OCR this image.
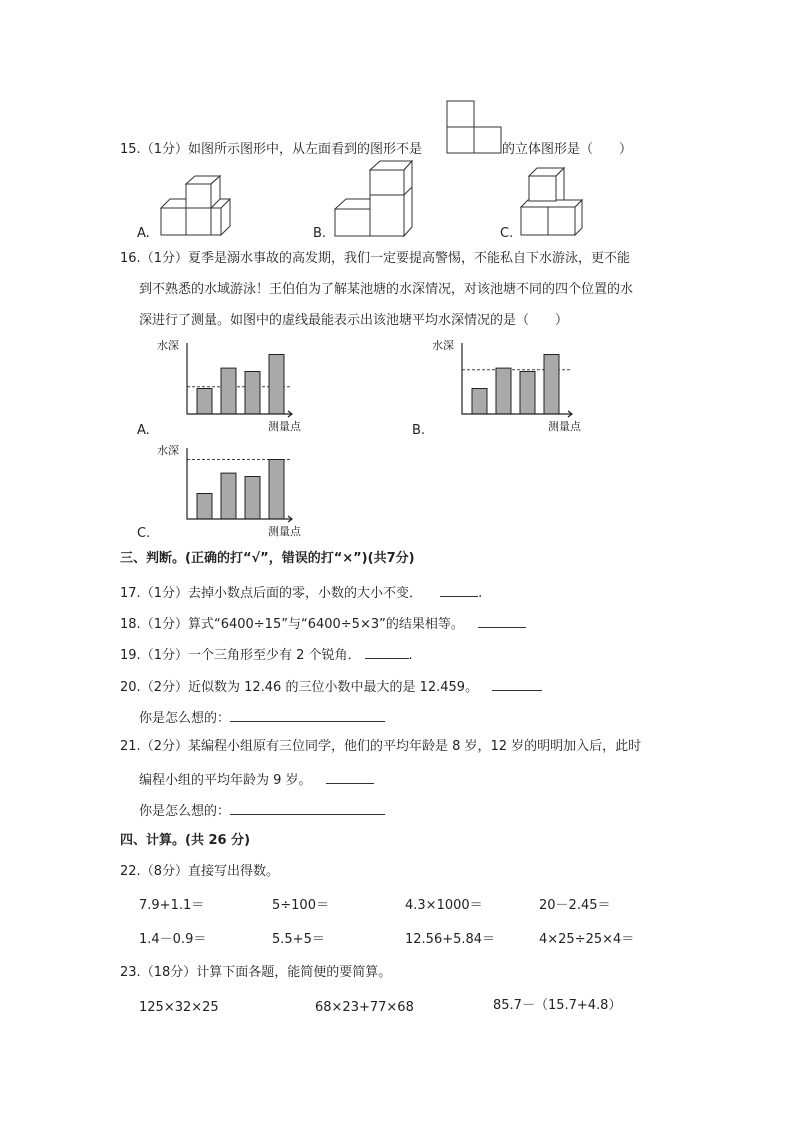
15.（1分）如图所示图形中，从左面看到的图形不是	的立体图形是（　　）
A.	B.	C.
16.（1分）夏季是溺水事故的高发期，我们一定要提高警惕，不能私自下水游泳，更不能
到不熟悉的水域游泳！王伯伯为了解某池塘的水深情况，对该池塘不同的四个位置的水
深进行了测量。如图中的虚线最能表示出该池塘平均水深情况的是（　　）
水深
测量点
A.
水深
测量点
B.
水深
测量点
C.
三、判断。(正确的打“√”，错误的打“×”)(共7分)
17.（1分）去掉小数点后面的零，小数的大小不变．	.
18.（1分）算式“6400÷15”与“6400÷5×3”的结果相等。
19.（1分）一个三角形至少有 2 个锐角．	.
20.（2分）近似数为 12.46 的三位小数中最大的是 12.459。
你是怎么想的：
21.（2分）某编程小组原有三位同学，他们的平均年龄是 8 岁，12 岁的明明加入后，此时
编程小组的平均年龄为 9 岁。
你是怎么想的：
四、计算。(共 26 分)
22.（8分）直接写出得数。
7.9+1.1＝	5÷100＝	4.3×1000＝	20－2.45＝
1.4－0.9＝	5.5+5＝	12.56+5.84＝	4×25÷25×4＝
23.（18分）计算下面各题，能简便的要简算。
125×32×25	68×23+77×68	85.7－（15.7+4.8）
